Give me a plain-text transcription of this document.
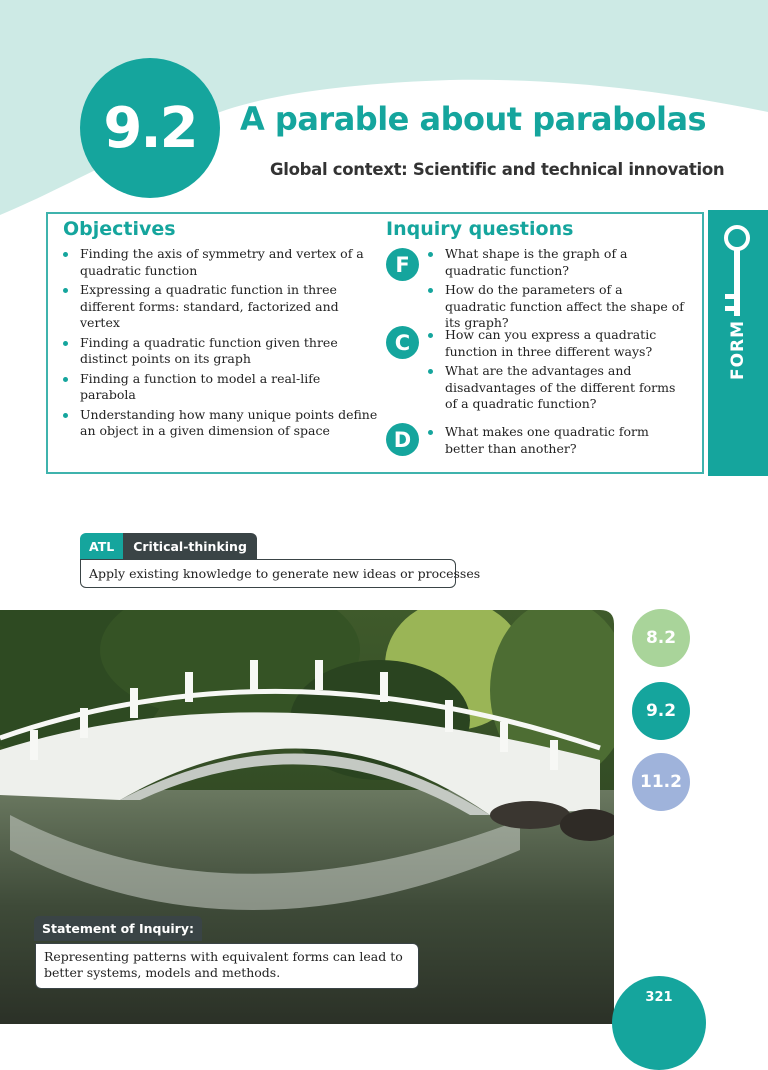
9.2	A parable about parabolas
Global context: Scientific and technical innovation
Objectives
Finding the axis of symmetry and vertex of a quadratic function
Expressing a quadratic function in three different forms: standard, factorized and vertex
Finding a quadratic function given three distinct points on its graph
Finding a function to model a real-life parabola
Understanding how many unique points define an object in a given dimension of space
Inquiry questions
F	What shape is the graph of a quadratic function?
How do the parameters of a quadratic function affect the shape of its graph?
C	How can you express a quadratic function in three different ways?
What are the advantages and disadvantages of the different forms of a quadratic function?
D	What makes one quadratic form better than another?
FORM
ATL	Critical-thinking
Apply existing knowledge to generate new ideas or processes
Statement of Inquiry:
Representing patterns with equivalent forms can lead to better systems, models and methods.
8.2
9.2
11.2
321
